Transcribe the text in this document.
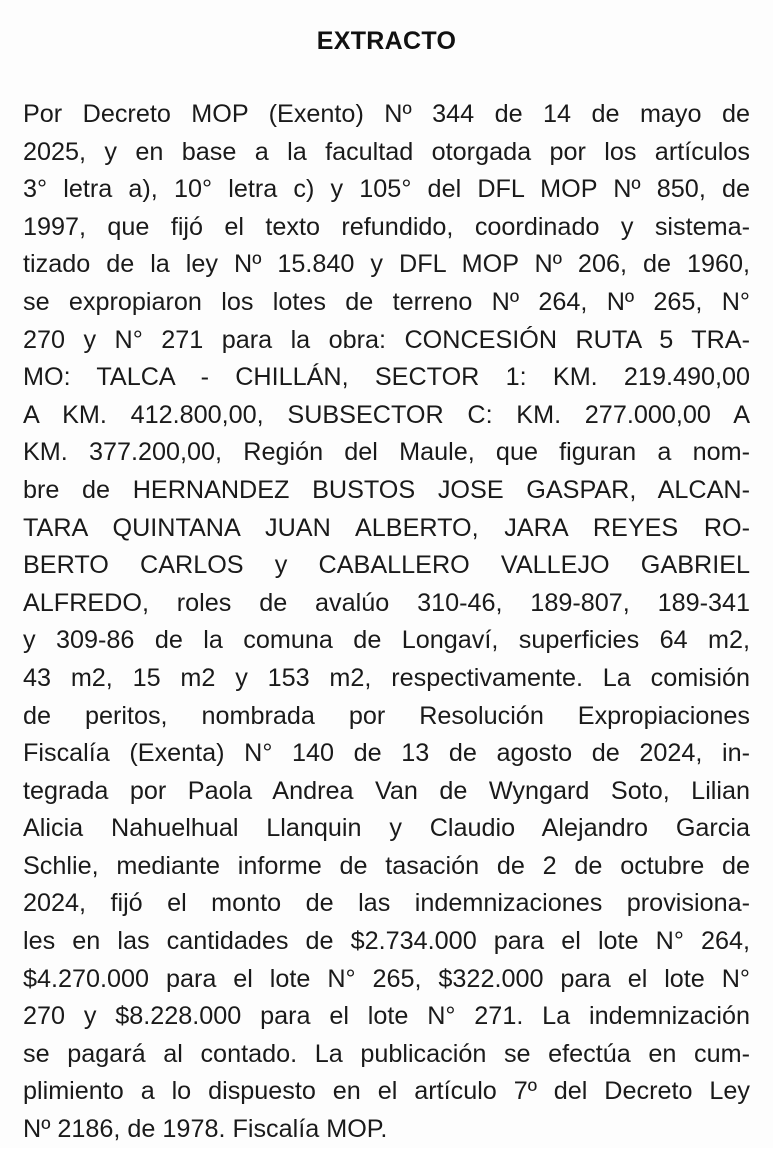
EXTRACTO
Por Decreto MOP (Exento) Nº 344 de 14 de mayo de
2025, y en base a la facultad otorgada por los artículos
3° letra a), 10° letra c) y 105° del DFL MOP Nº 850, de
1997, que fijó el texto refundido, coordinado y sistema-
tizado de la ley Nº 15.840 y DFL MOP Nº 206, de 1960,
se expropiaron los lotes de terreno Nº 264, Nº 265, N°
270 y N° 271 para la obra: CONCESIÓN RUTA 5 TRA-
MO: TALCA - CHILLÁN, SECTOR 1: KM. 219.490,00
A KM. 412.800,00, SUBSECTOR C: KM. 277.000,00 A
KM. 377.200,00, Región del Maule, que figuran a nom-
bre de HERNANDEZ BUSTOS JOSE GASPAR, ALCAN-
TARA QUINTANA JUAN ALBERTO, JARA REYES RO-
BERTO CARLOS y CABALLERO VALLEJO GABRIEL
ALFREDO, roles de avalúo 310-46, 189-807, 189-341
y 309-86 de la comuna de Longaví, superficies 64 m2,
43 m2, 15 m2 y 153 m2, respectivamente. La comisión
de peritos, nombrada por Resolución Expropiaciones
Fiscalía (Exenta) N° 140 de 13 de agosto de 2024, in-
tegrada por Paola Andrea Van de Wyngard Soto, Lilian
Alicia Nahuelhual Llanquin y Claudio Alejandro Garcia
Schlie, mediante informe de tasación de 2 de octubre de
2024, fijó el monto de las indemnizaciones provisiona-
les en las cantidades de $2.734.000 para el lote N° 264,
$4.270.000 para el lote N° 265, $322.000 para el lote N°
270 y $8.228.000 para el lote N° 271. La indemnización
se pagará al contado. La publicación se efectúa en cum-
plimiento a lo dispuesto en el artículo 7º del Decreto Ley
Nº 2186, de 1978. Fiscalía MOP.
